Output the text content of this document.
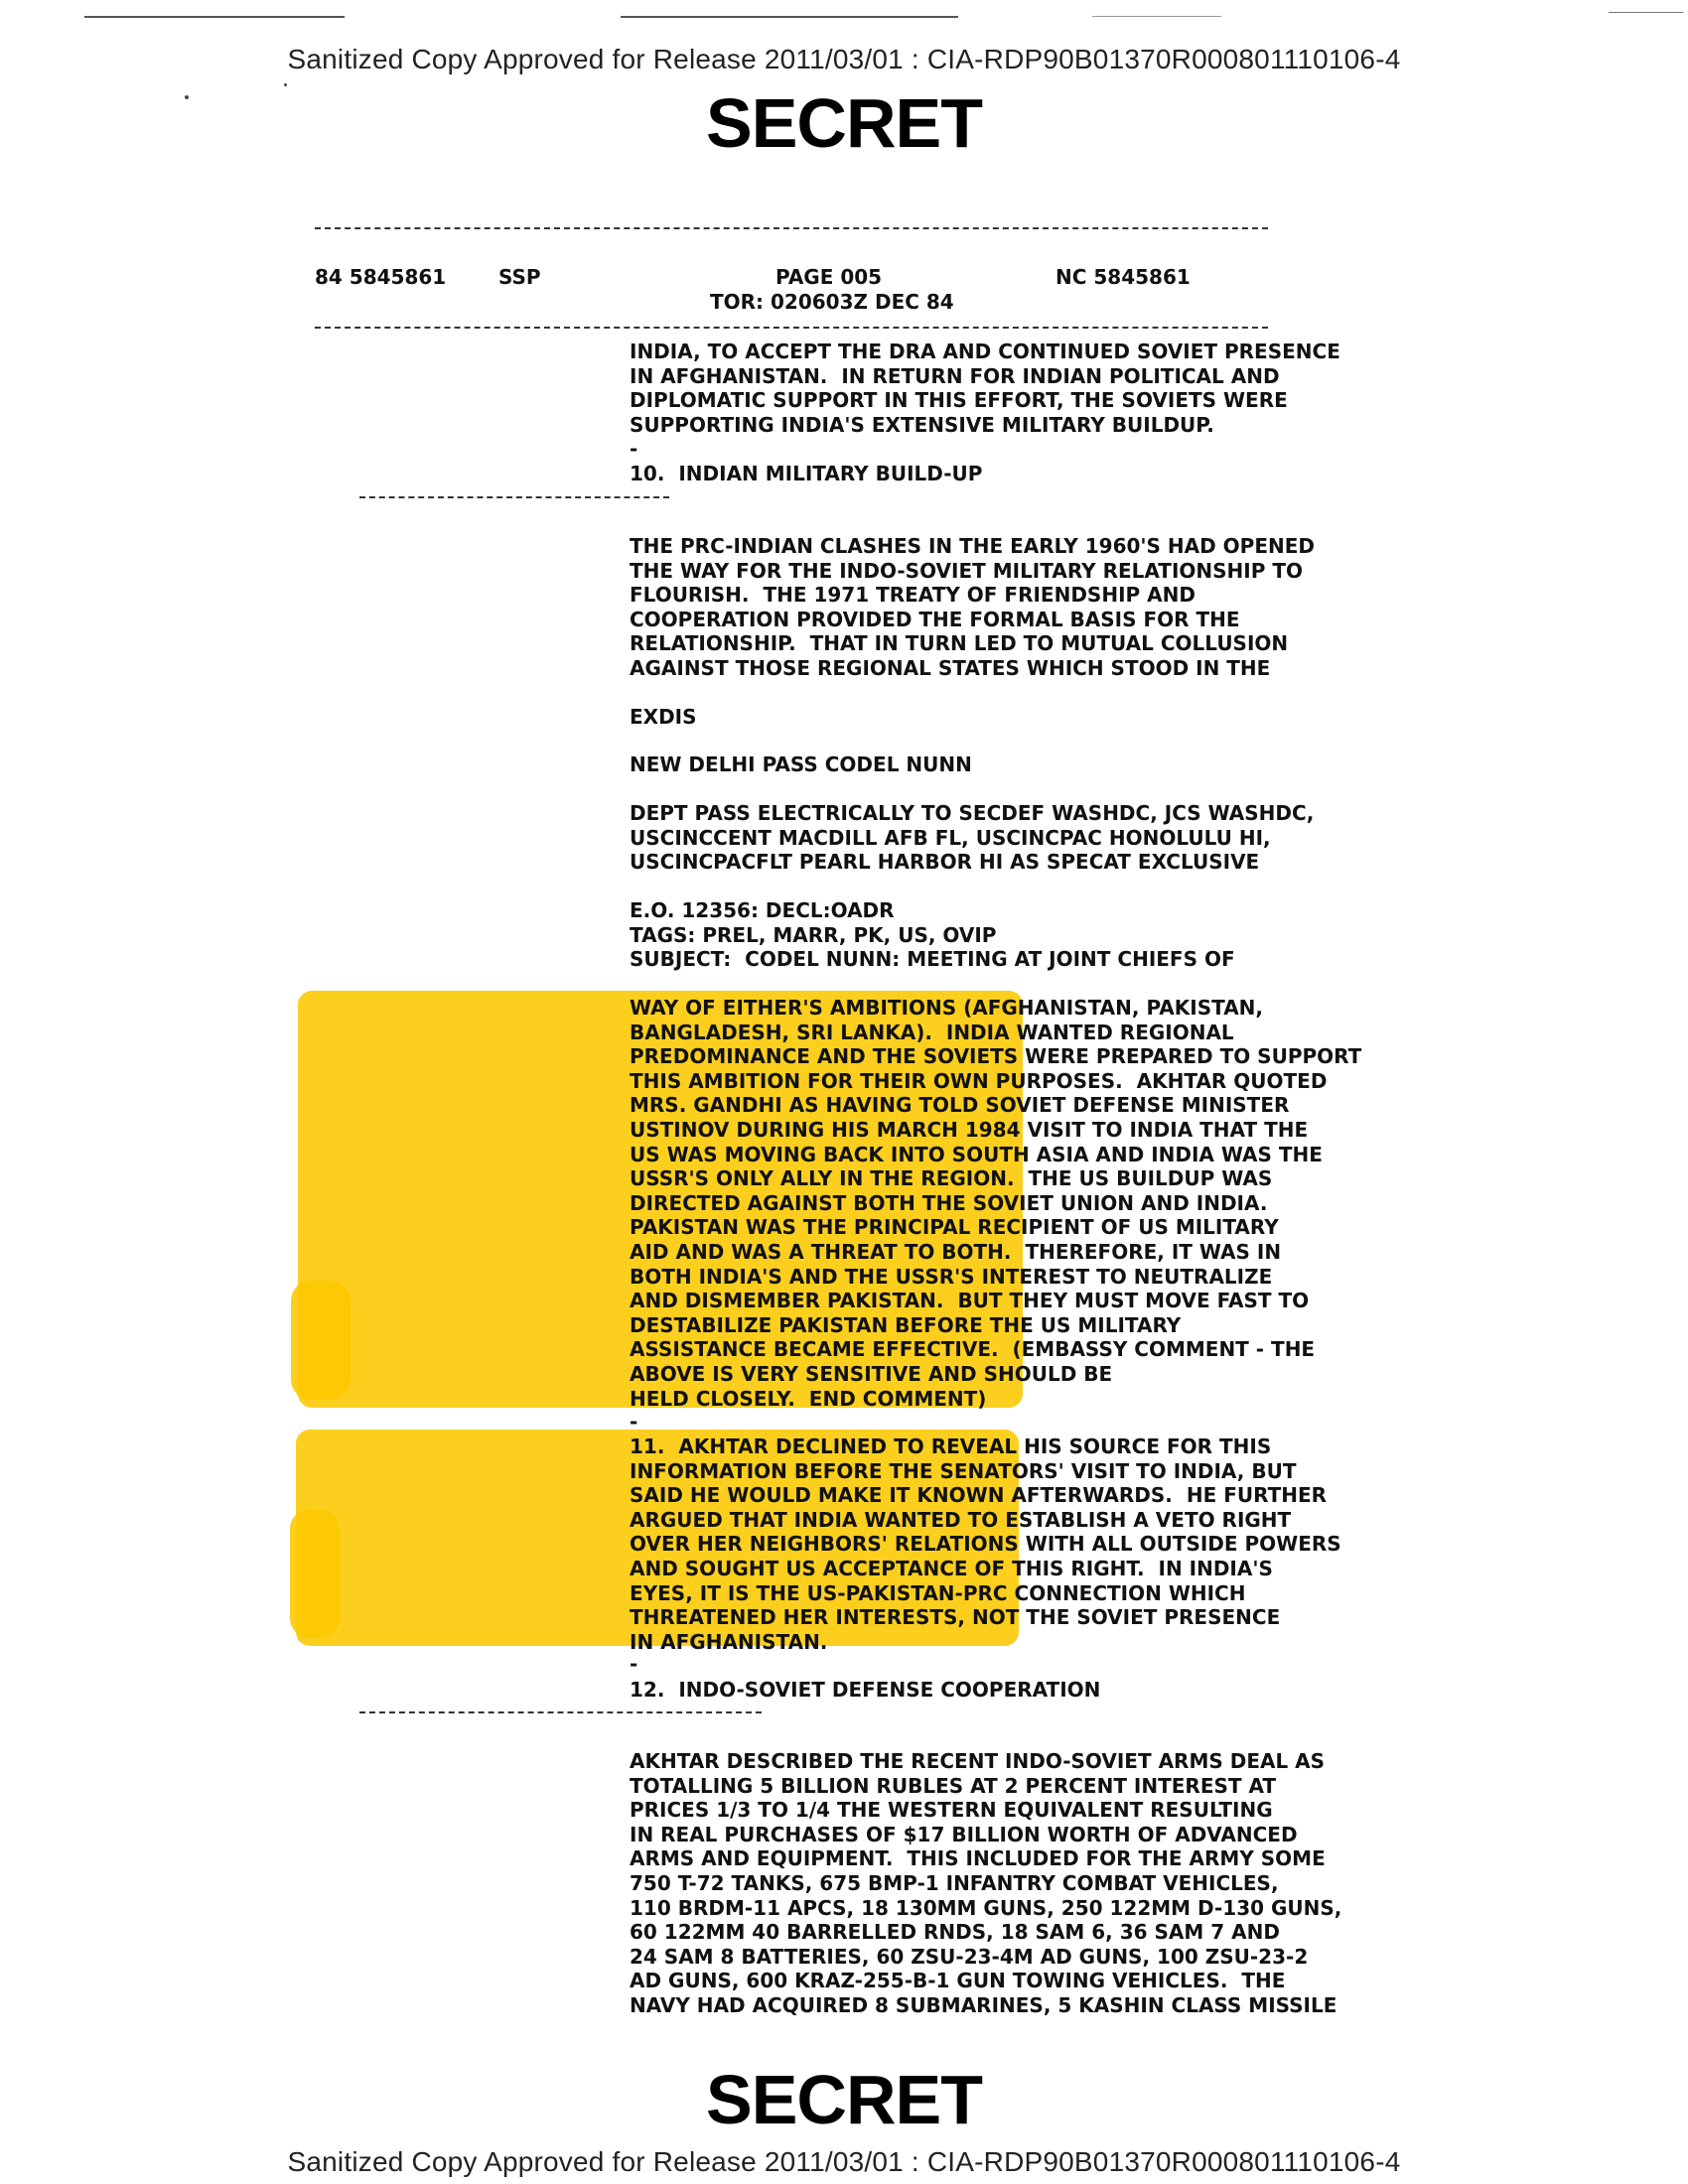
Sanitized Copy Approved for Release 2011/03/01 : CIA-RDP90B01370R000801110106-4
SECRET
84 5845861	SSP	PAGE 005	NC 5845861
TOR: 020603Z DEC 84
INDIA, TO ACCEPT THE DRA AND CONTINUED SOVIET PRESENCE
IN AFGHANISTAN.  IN RETURN FOR INDIAN POLITICAL AND
DIPLOMATIC SUPPORT IN THIS EFFORT, THE SOVIETS WERE
SUPPORTING INDIA'S EXTENSIVE MILITARY BUILDUP.
-
10.  INDIAN MILITARY BUILD-UP
THE PRC-INDIAN CLASHES IN THE EARLY 1960'S HAD OPENED
THE WAY FOR THE INDO-SOVIET MILITARY RELATIONSHIP TO
FLOURISH.  THE 1971 TREATY OF FRIENDSHIP AND
COOPERATION PROVIDED THE FORMAL BASIS FOR THE
RELATIONSHIP.  THAT IN TURN LED TO MUTUAL COLLUSION
AGAINST THOSE REGIONAL STATES WHICH STOOD IN THE
EXDIS
NEW DELHI PASS CODEL NUNN
DEPT PASS ELECTRICALLY TO SECDEF WASHDC, JCS WASHDC,
USCINCCENT MACDILL AFB FL, USCINCPAC HONOLULU HI,
USCINCPACFLT PEARL HARBOR HI AS SPECAT EXCLUSIVE
E.O. 12356: DECL:OADR
TAGS: PREL, MARR, PK, US, OVIP
SUBJECT:  CODEL NUNN: MEETING AT JOINT CHIEFS OF
WAY OF EITHER'S AMBITIONS (AFGHANISTAN, PAKISTAN,
BANGLADESH, SRI LANKA).  INDIA WANTED REGIONAL
PREDOMINANCE AND THE SOVIETS WERE PREPARED TO SUPPORT
THIS AMBITION FOR THEIR OWN PURPOSES.  AKHTAR QUOTED
MRS. GANDHI AS HAVING TOLD SOVIET DEFENSE MINISTER
USTINOV DURING HIS MARCH 1984 VISIT TO INDIA THAT THE
US WAS MOVING BACK INTO SOUTH ASIA AND INDIA WAS THE
USSR'S ONLY ALLY IN THE REGION.  THE US BUILDUP WAS
DIRECTED AGAINST BOTH THE SOVIET UNION AND INDIA.
PAKISTAN WAS THE PRINCIPAL RECIPIENT OF US MILITARY
AID AND WAS A THREAT TO BOTH.  THEREFORE, IT WAS IN
BOTH INDIA'S AND THE USSR'S INTEREST TO NEUTRALIZE
AND DISMEMBER PAKISTAN.  BUT THEY MUST MOVE FAST TO
DESTABILIZE PAKISTAN BEFORE THE US MILITARY
ASSISTANCE BECAME EFFECTIVE.  (EMBASSY COMMENT - THE
ABOVE IS VERY SENSITIVE AND SHOULD BE
HELD CLOSELY.  END COMMENT)
-
11.  AKHTAR DECLINED TO REVEAL HIS SOURCE FOR THIS
INFORMATION BEFORE THE SENATORS' VISIT TO INDIA, BUT
SAID HE WOULD MAKE IT KNOWN AFTERWARDS.  HE FURTHER
ARGUED THAT INDIA WANTED TO ESTABLISH A VETO RIGHT
OVER HER NEIGHBORS' RELATIONS WITH ALL OUTSIDE POWERS
AND SOUGHT US ACCEPTANCE OF THIS RIGHT.  IN INDIA'S
EYES, IT IS THE US-PAKISTAN-PRC CONNECTION WHICH
THREATENED HER INTERESTS, NOT THE SOVIET PRESENCE
IN AFGHANISTAN.
-
12.  INDO-SOVIET DEFENSE COOPERATION
AKHTAR DESCRIBED THE RECENT INDO-SOVIET ARMS DEAL AS
TOTALLING 5 BILLION RUBLES AT 2 PERCENT INTEREST AT
PRICES 1/3 TO 1/4 THE WESTERN EQUIVALENT RESULTING
IN REAL PURCHASES OF $17 BILLION WORTH OF ADVANCED
ARMS AND EQUIPMENT.  THIS INCLUDED FOR THE ARMY SOME
750 T-72 TANKS, 675 BMP-1 INFANTRY COMBAT VEHICLES,
110 BRDM-11 APCS, 18 130MM GUNS, 250 122MM D-130 GUNS,
60 122MM 40 BARRELLED RNDS, 18 SAM 6, 36 SAM 7 AND
24 SAM 8 BATTERIES, 60 ZSU-23-4M AD GUNS, 100 ZSU-23-2
AD GUNS, 600 KRAZ-255-B-1 GUN TOWING VEHICLES.  THE
NAVY HAD ACQUIRED 8 SUBMARINES, 5 KASHIN CLASS MISSILE
SECRET
Sanitized Copy Approved for Release 2011/03/01 : CIA-RDP90B01370R000801110106-4
